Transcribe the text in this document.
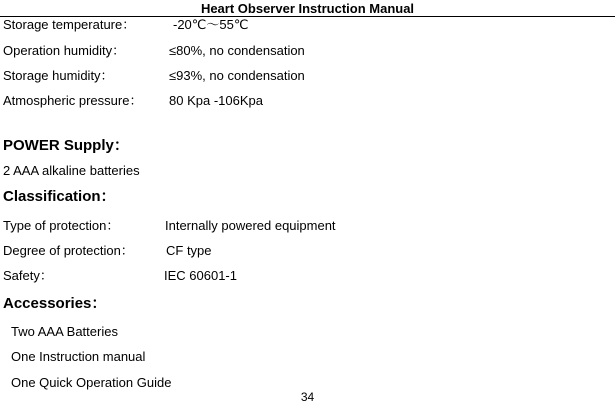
Heart Observer Instruction Manual
Storage temperature：	-20℃～55℃
Operation humidity：	≤80%, no condensation
Storage humidity：	≤93%, no condensation
Atmospheric pressure： 80 Kpa -106Kpa
POWER Supply：
2 AAA alkaline batteries
Classification：
Type of protection：	Internally powered equipment
Degree of protection： CF type
Safety：	IEC 60601-1
Accessories：
Two AAA Batteries
One Instruction manual
One Quick Operation Guide
34
